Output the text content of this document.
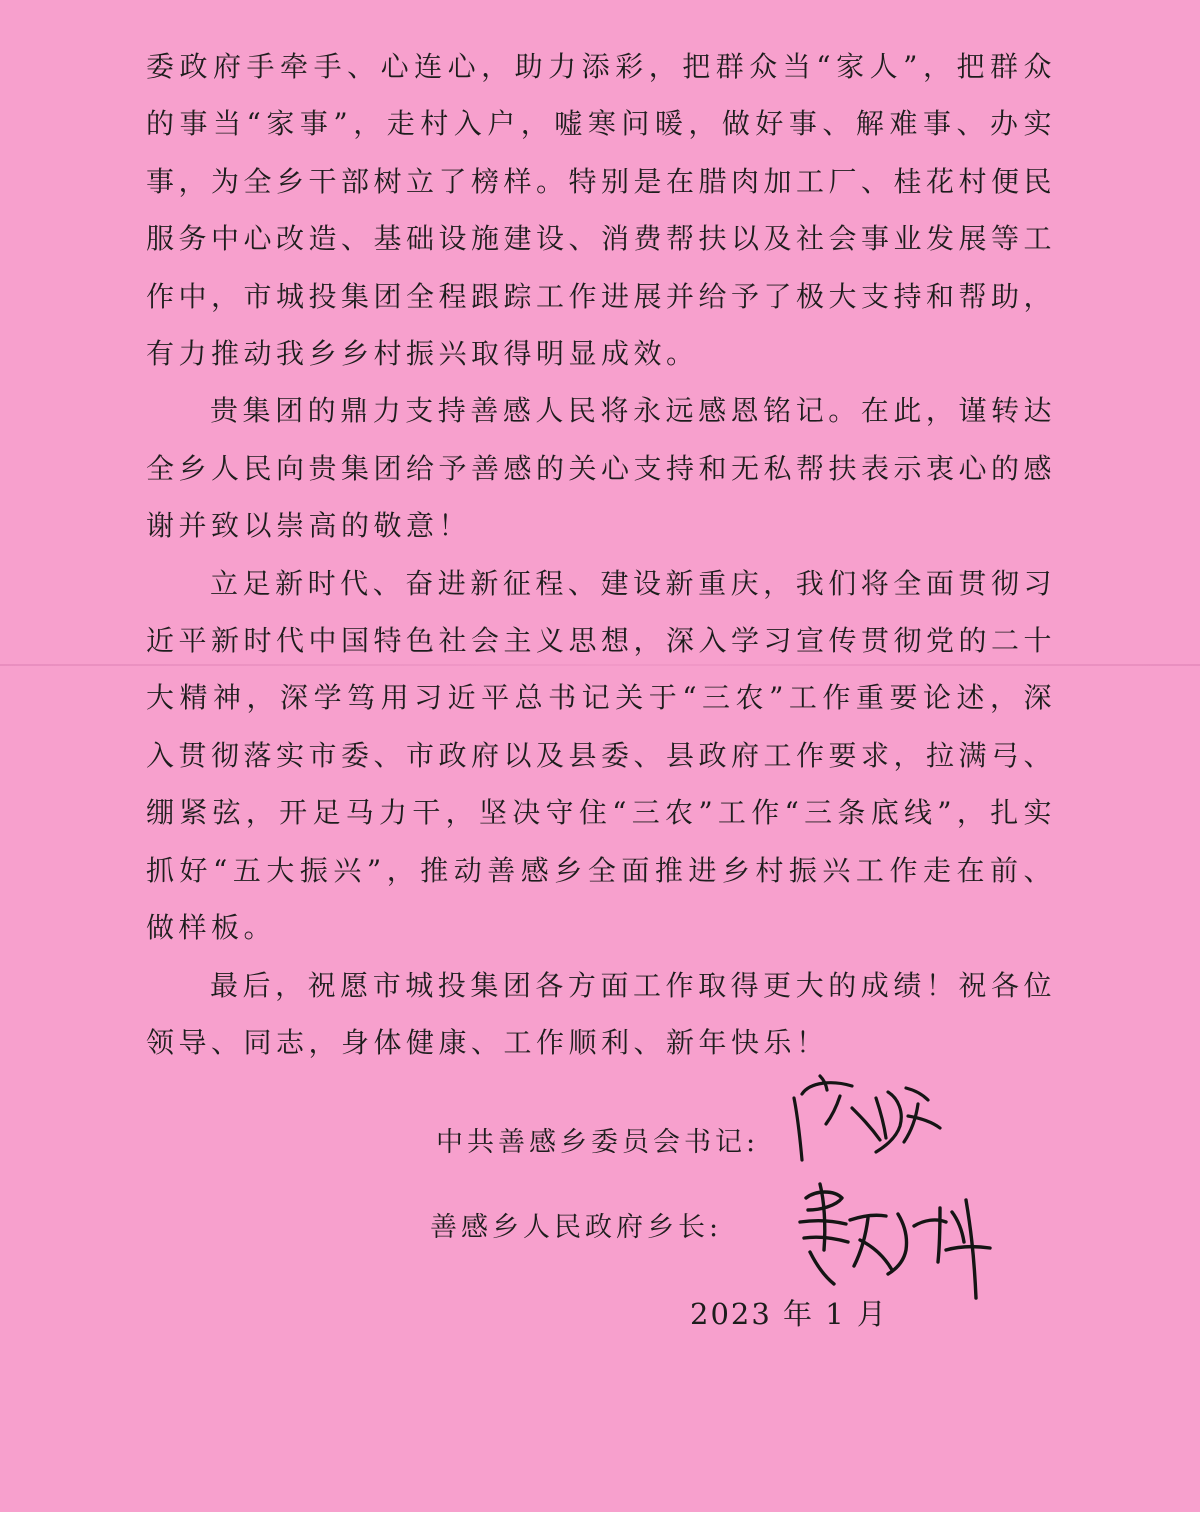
委政府手牵手、心连心，助力添彩，把群众当“家人”，把群众的事当“家事”，走村入户，嘘寒问暖，做好事、解难事、办实事，为全乡干部树立了榜样。特别是在腊肉加工厂、桂花村便民服务中心改造、基础设施建设、消费帮扶以及社会事业发展等工作中，市城投集团全程跟踪工作进展并给予了极大支持和帮助，有力推动我乡乡村振兴取得明显成效。

贵集团的鼎力支持善感人民将永远感恩铭记。在此，谨转达全乡人民向贵集团给予善感的关心支持和无私帮扶表示衷心的感谢并致以崇高的敬意！

立足新时代、奋进新征程、建设新重庆，我们将全面贯彻习近平新时代中国特色社会主义思想，深入学习宣传贯彻党的二十大精神，深学笃用习近平总书记关于“三农”工作重要论述，深入贯彻落实市委、市政府以及县委、县政府工作要求，拉满弓、绷紧弦，开足马力干，坚决守住“三农”工作“三条底线”，扎实抓好“五大振兴”，推动善感乡全面推进乡村振兴工作走在前、做样板。

最后，祝愿市城投集团各方面工作取得更大的成绩！祝各位领导、同志，身体健康、工作顺利、新年快乐！

中共善感乡委员会书记:
善感乡人民政府乡长:
2023 年 1 月
